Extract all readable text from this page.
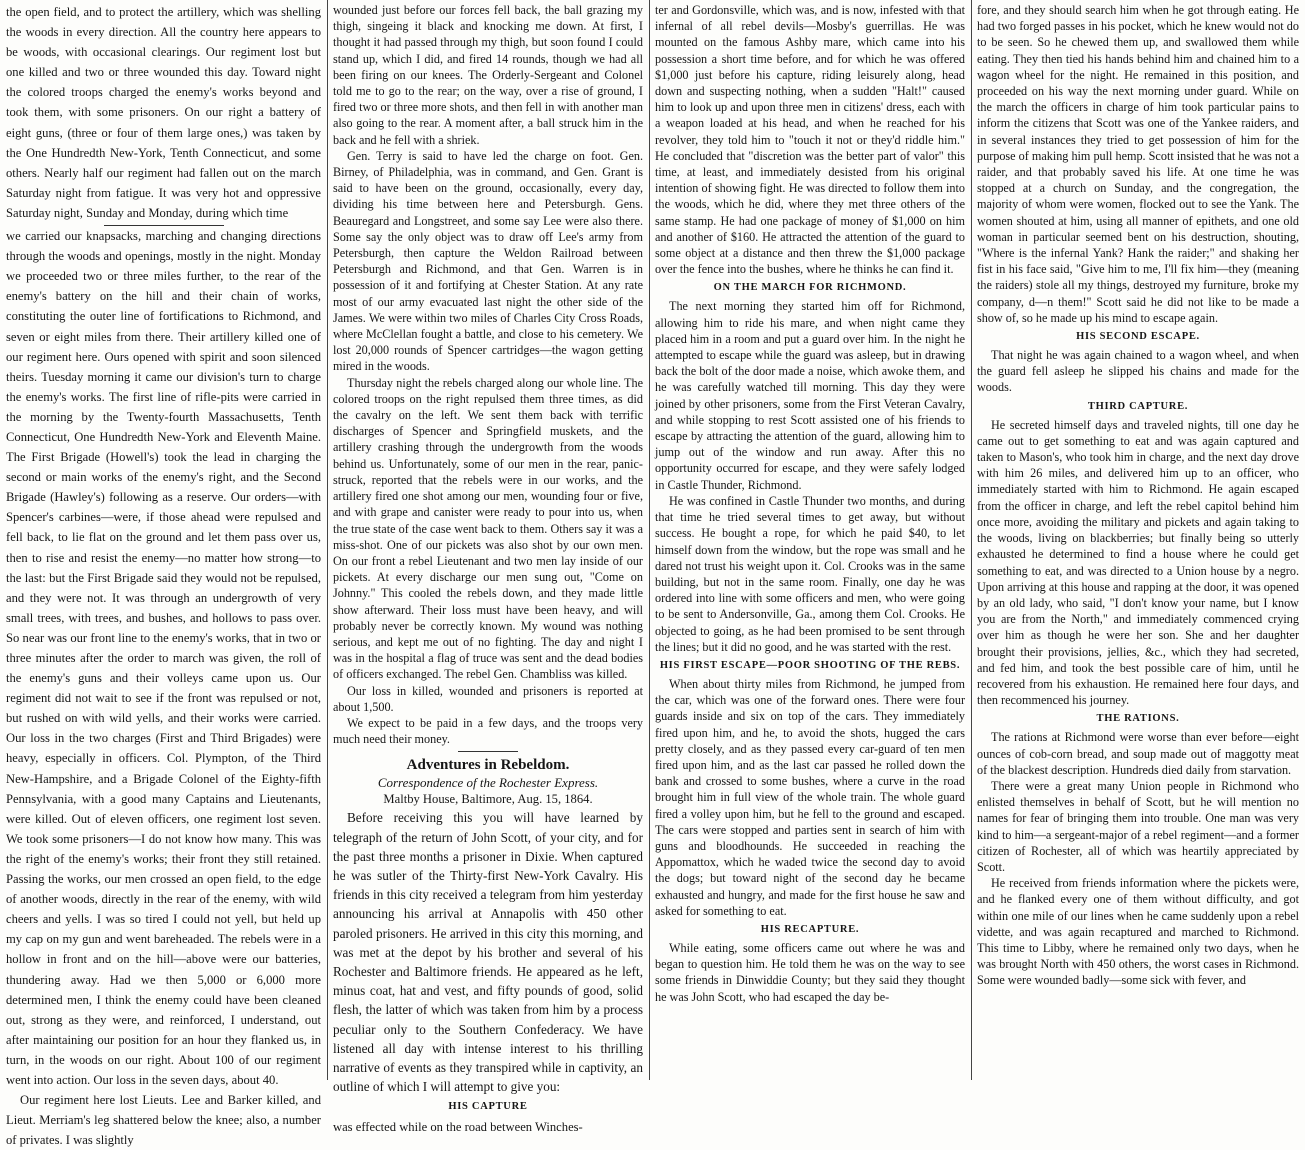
the open field, and to protect the artillery, which was shelling the woods in every direction. All the country here appears to be woods, with occasional clearings. Our regiment lost but one killed and two or three wounded this day. Toward night the colored troops charged the enemy's works beyond and took them, with some prisoners. On our right a battery of eight guns, (three or four of them large ones,) was taken by the One Hundredth New-York, Tenth Connecticut, and some others. Nearly half our regiment had fallen out on the march Saturday night from fatigue. It was very hot and oppressive Saturday night, Sunday and Monday, during which time

we carried our knapsacks, marching and changing directions through the woods and openings, mostly in the night. Monday we proceeded two or three miles further, to the rear of the enemy's battery on the hill and their chain of works, constituting the outer line of fortifications to Richmond, and seven or eight miles from there. Their artillery killed one of our regiment here. Ours opened with spirit and soon silenced theirs. Tuesday morning it came our division's turn to charge the enemy's works. The first line of rifle-pits were carried in the morning by the Twenty-fourth Massachusetts, Tenth Connecticut, One Hundredth New-York and Eleventh Maine. The First Brigade (Howell's) took the lead in charging the second or main works of the enemy's right, and the Second Brigade (Hawley's) following as a reserve. Our orders—with Spencer's carbines—were, if those ahead were repulsed and fell back, to lie flat on the ground and let them pass over us, then to rise and resist the enemy—no matter how strong—to the last: but the First Brigade said they would not be repulsed, and they were not. It was through an undergrowth of very small trees, with trees, and bushes, and hollows to pass over. So near was our front line to the enemy's works, that in two or three minutes after the order to march was given, the roll of the enemy's guns and their volleys came upon us. Our regiment did not wait to see if the front was repulsed or not, but rushed on with wild yells, and their works were carried. Our loss in the two charges (First and Third Brigades) were heavy, especially in officers. Col. Plympton, of the Third New-Hampshire, and a Brigade Colonel of the Eighty-fifth Pennsylvania, with a good many Captains and Lieutenants, were killed. Out of eleven officers, one regiment lost seven. We took some prisoners—I do not know how many. This was the right of the enemy's works; their front they still retained. Passing the works, our men crossed an open field, to the edge of another woods, directly in the rear of the enemy, with wild cheers and yells. I was so tired I could not yell, but held up my cap on my gun and went bareheaded. The rebels were in a hollow in front and on the hill—above were our batteries, thundering away. Had we then 5,000 or 6,000 more determined men, I think the enemy could have been cleaned out, strong as they were, and reinforced, I understand, out after maintaining our position for an hour they flanked us, in turn, in the woods on our right. About 100 of our regiment went into action. Our loss in the seven days, about 40.

Our regiment here lost Lieuts. Lee and Barker killed, and Lieut. Merriam's leg shattered below the knee; also, a number of privates. I was slightly

wounded just before our forces fell back, the ball grazing my thigh, singeing it black and knocking me down. At first, I thought it had passed through my thigh, but soon found I could stand up, which I did, and fired 14 rounds, though we had all been firing on our knees. The Orderly-Sergeant and Colonel told me to go to the rear; on the way, over a rise of ground, I fired two or three more shots, and then fell in with another man also going to the rear. A moment after, a ball struck him in the back and he fell with a shriek.

Gen. Terry is said to have led the charge on foot. Gen. Birney, of Philadelphia, was in command, and Gen. Grant is said to have been on the ground, occasionally, every day, dividing his time between here and Petersburgh. Gens. Beauregard and Longstreet, and some say Lee were also there. Some say the only object was to draw off Lee's army from Petersburgh, then capture the Weldon Railroad between Petersburgh and Richmond, and that Gen. Warren is in possession of it and fortifying at Chester Station. At any rate most of our army evacuated last night the other side of the James. We were within two miles of Charles City Cross Roads, where McClellan fought a battle, and close to his cemetery. We lost 20,000 rounds of Spencer cartridges—the wagon getting mired in the woods.

Thursday night the rebels charged along our whole line. The colored troops on the right repulsed them three times, as did the cavalry on the left. We sent them back with terrific discharges of Spencer and Springfield muskets, and the artillery crashing through the undergrowth from the woods behind us. Unfortunately, some of our men in the rear, panic-struck, reported that the rebels were in our works, and the artillery fired one shot among our men, wounding four or five, and with grape and canister were ready to pour into us, when the true state of the case went back to them. Others say it was a miss-shot. One of our pickets was also shot by our own men. On our front a rebel Lieutenant and two men lay inside of our pickets. At every discharge our men sung out, "Come on Johnny." This cooled the rebels down, and they made little show afterward. Their loss must have been heavy, and will probably never be correctly known. My wound was nothing serious, and kept me out of no fighting. The day and night I was in the hospital a flag of truce was sent and the dead bodies of officers exchanged. The rebel Gen. Chambliss was killed.

Our loss in killed, wounded and prisoners is reported at about 1,500.

We expect to be paid in a few days, and the troops very much need their money.

Adventures in Rebeldom.

Correspondence of the Rochester Express.

Maltby House, Baltimore, Aug. 15, 1864.

Before receiving this you will have learned by telegraph of the return of John Scott, of your city, and for the past three months a prisoner in Dixie. When captured he was sutler of the Thirty-first New-York Cavalry. His friends in this city received a telegram from him yesterday announcing his arrival at Annapolis with 450 other paroled prisoners. He arrived in this city this morning, and was met at the depot by his brother and several of his Rochester and Baltimore friends. He appeared as he left, minus coat, hat and vest, and fifty pounds of good, solid flesh, the latter of which was taken from him by a process peculiar only to the Southern Confederacy. We have listened all day with intense interest to his thrilling narrative of events as they transpired while in captivity, an outline of which I will attempt to give you:

HIS CAPTURE

was effected while on the road between Winches-

ter and Gordonsville, which was, and is now, infested with that infernal of all rebel devils—Mosby's guerrillas. He was mounted on the famous Ashby mare, which came into his possession a short time before, and for which he was offered $1,000 just before his capture, riding leisurely along, head down and suspecting nothing, when a sudden "Halt!" caused him to look up and upon three men in citizens' dress, each with a weapon loaded at his head, and when he reached for his revolver, they told him to "touch it not or they'd riddle him." He concluded that "discretion was the better part of valor" this time, at least, and immediately desisted from his original intention of showing fight. He was directed to follow them into the woods, which he did, where they met three others of the same stamp. He had one package of money of $1,000 on him and another of $160. He attracted the attention of the guard to some object at a distance and then threw the $1,000 package over the fence into the bushes, where he thinks he can find it.

ON THE MARCH FOR RICHMOND.

The next morning they started him off for Richmond, allowing him to ride his mare, and when night came they placed him in a room and put a guard over him. In the night he attempted to escape while the guard was asleep, but in drawing back the bolt of the door made a noise, which awoke them, and he was carefully watched till morning. This day they were joined by other prisoners, some from the First Veteran Cavalry, and while stopping to rest Scott assisted one of his friends to escape by attracting the attention of the guard, allowing him to jump out of the window and run away. After this no opportunity occurred for escape, and they were safely lodged in Castle Thunder, Richmond.

He was confined in Castle Thunder two months, and during that time he tried several times to get away, but without success. He bought a rope, for which he paid $40, to let himself down from the window, but the rope was small and he dared not trust his weight upon it. Col. Crooks was in the same building, but not in the same room. Finally, one day he was ordered into line with some officers and men, who were going to be sent to Andersonville, Ga., among them Col. Crooks. He objected to going, as he had been promised to be sent through the lines; but it did no good, and he was started with the rest.

HIS FIRST ESCAPE—POOR SHOOTING OF THE REBS.

When about thirty miles from Richmond, he jumped from the car, which was one of the forward ones. There were four guards inside and six on top of the cars. They immediately fired upon him, and he, to avoid the shots, hugged the cars pretty closely, and as they passed every car-guard of ten men fired upon him, and as the last car passed he rolled down the bank and crossed to some bushes, where a curve in the road brought him in full view of the whole train. The whole guard fired a volley upon him, but he fell to the ground and escaped. The cars were stopped and parties sent in search of him with guns and bloodhounds. He succeeded in reaching the Appomattox, which he waded twice the second day to avoid the dogs; but toward night of the second day he became exhausted and hungry, and made for the first house he saw and asked for something to eat.

HIS RECAPTURE.

While eating, some officers came out where he was and began to question him. He told them he was on the way to see some friends in Dinwiddie County; but they said they thought he was John Scott, who had escaped the day be-

fore, and they should search him when he got through eating. He had two forged passes in his pocket, which he knew would not do to be seen. So he chewed them up, and swallowed them while eating. They then tied his hands behind him and chained him to a wagon wheel for the night. He remained in this position, and proceeded on his way the next morning under guard. While on the march the officers in charge of him took particular pains to inform the citizens that Scott was one of the Yankee raiders, and in several instances they tried to get possession of him for the purpose of making him pull hemp. Scott insisted that he was not a raider, and that probably saved his life. At one time he was stopped at a church on Sunday, and the congregation, the majority of whom were women, flocked out to see the Yank. The women shouted at him, using all manner of epithets, and one old woman in particular seemed bent on his destruction, shouting, "Where is the infernal Yank? Hank the raider;" and shaking her fist in his face said, "Give him to me, I'll fix him—they (meaning the raiders) stole all my things, destroyed my furniture, broke my company, d—n them!" Scott said he did not like to be made a show of, so he made up his mind to escape again.

HIS SECOND ESCAPE.

That night he was again chained to a wagon wheel, and when the guard fell asleep he slipped his chains and made for the woods.

THIRD CAPTURE.

He secreted himself days and traveled nights, till one day he came out to get something to eat and was again captured and taken to Mason's, who took him in charge, and the next day drove with him 26 miles, and delivered him up to an officer, who immediately started with him to Richmond. He again escaped from the officer in charge, and left the rebel capitol behind him once more, avoiding the military and pickets and again taking to the woods, living on blackberries; but finally being so utterly exhausted he determined to find a house where he could get something to eat, and was directed to a Union house by a negro. Upon arriving at this house and rapping at the door, it was opened by an old lady, who said, "I don't know your name, but I know you are from the North," and immediately commenced crying over him as though he were her son. She and her daughter brought their provisions, jellies, &c., which they had secreted, and fed him, and took the best possible care of him, until he recovered from his exhaustion. He remained here four days, and then recommenced his journey.

THE RATIONS.

The rations at Richmond were worse than ever before—eight ounces of cob-corn bread, and soup made out of maggotty meat of the blackest description. Hundreds died daily from starvation.

There were a great many Union people in Richmond who enlisted themselves in behalf of Scott, but he will mention no names for fear of bringing them into trouble. One man was very kind to him—a sergeant-major of a rebel regiment—and a former citizen of Rochester, all of which was heartily appreciated by Scott.

He received from friends information where the pickets were, and he flanked every one of them without difficulty, and got within one mile of our lines when he came suddenly upon a rebel vidette, and was again recaptured and marched to Richmond. This time to Libby, where he remained only two days, when he was brought North with 450 others, the worst cases in Richmond. Some were wounded badly—some sick with fever, and
